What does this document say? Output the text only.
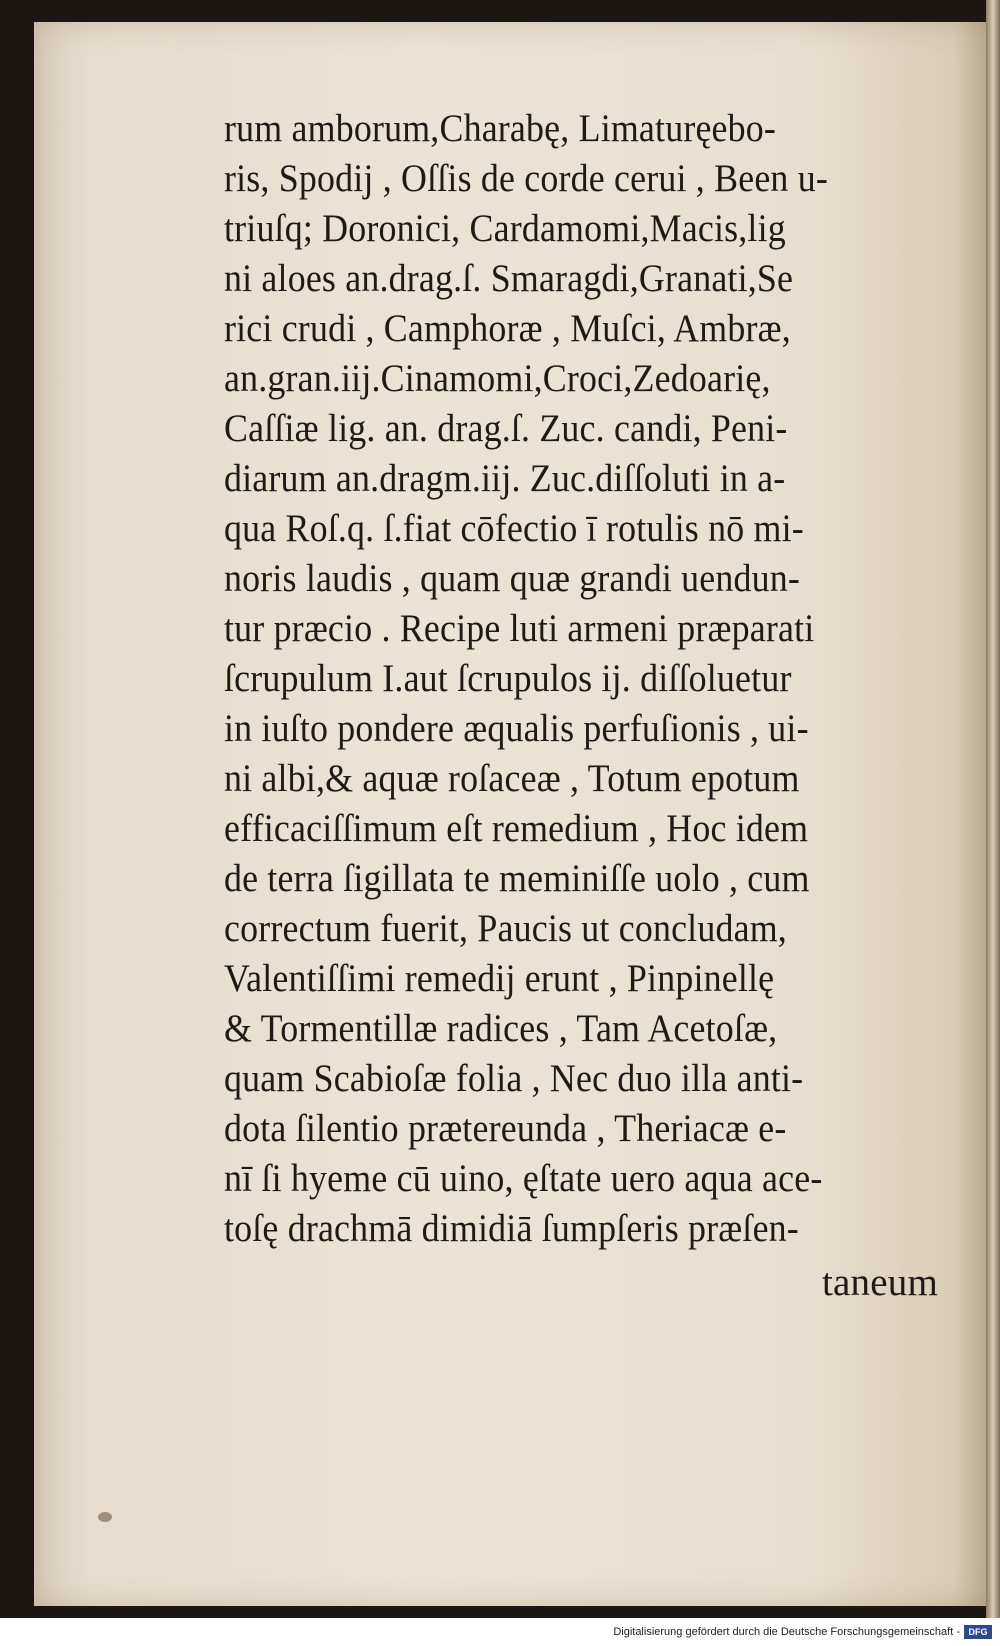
rum amborum,Charabę, Limaturęebo-
ris, Spodij , Oſſis de corde cerui , Been u-
triuſq; Doronici, Cardamomi,Macis,lig
ni aloes an.drag.ſ. Smaragdi,Granati,Se
rici crudi , Camphoræ , Muſci, Ambræ,
an.gran.iij.Cinamomi,Croci,Zedoarię,
Caſſiæ lig. an. drag.ſ. Zuc. candi, Peni-
diarum an.dragm.iij. Zuc.diſſoluti in a-
qua Roſ.q. ſ.fiat cōfectio ī rotulis nō mi-
noris laudis , quam quæ grandi uendun-
tur præcio . Recipe luti armeni præparati
ſcrupulum I.aut ſcrupulos ij. diſſoluetur
in iuſto pondere æqualis perfuſionis , ui-
ni albi,& aquæ roſaceæ , Totum epotum
efficaciſſimum eſt remedium , Hoc idem
de terra ſigillata te meminiſſe uolo , cum
correctum fuerit, Paucis ut concludam,
Valentiſſimi remedij erunt , Pinpinellę
& Tormentillæ radices , Tam Acetoſæ,
quam Scabioſæ folia , Nec duo illa anti-
dota ſilentio prætereunda , Theriacæ e-
nī ſi hyeme cū uino, ęſtate uero aqua ace-
toſę drachmā dimidiā ſumpſeris præſen-
taneum
Digitalisierung gefördert durch die Deutsche Forschungsgemeinschaft - DFG
